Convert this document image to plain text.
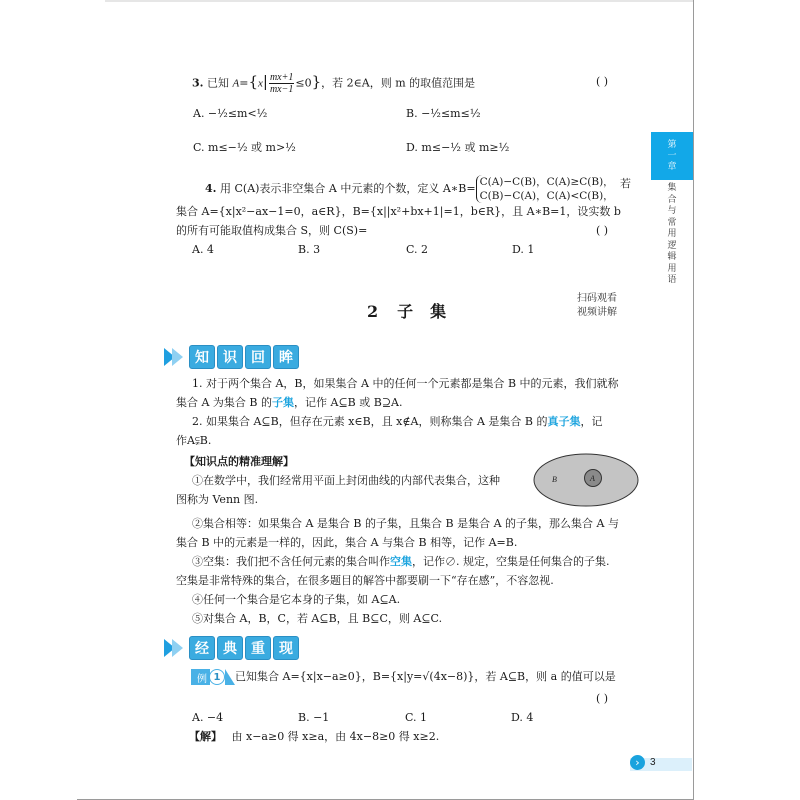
第
一
章
集合与常用逻辑用语
3. 已知 $A=\{x| \frac{mx+1}{mx-1} \le 0\}$，若 2∈A，则 m 的取值范围是	( )
A. −½≤m<½	B. −½≤m≤½
C. m≤−½ 或 m>½	D. m≤−½ 或 m≥½
4. 用 C(A)表示非空集合 A 中元素的个数，定义 A∗B= C(A)−C(B)，C(A)≥C(B)，
C(B)−C(A)，C(A)<C(B)，
若
集合 A={x|x²−ax−1=0，a∈R}，B={x||x²+bx+1|=1，b∈R}，且 A∗B=1，设实数 b
的所有可能取值构成集合 S，则 C(S)=	( )
A. 4	B. 3	C. 2	D. 1
2 子 集
扫码观看
视频讲解
知	识	回	眸
1. 对于两个集合 A，B，如果集合 A 中的任何一个元素都是集合 B 中的元素，我们就称
集合 A 为集合 B 的子集，记作 A⊆B 或 B⊇A.
2. 如果集合 A⊆B，但存在元素 x∈B，且 x∉A，则称集合 A 是集合 B 的真子集，记
作A⫋B.
【知识点的精准理解】
①在数学中，我们经常用平面上封闭曲线的内部代表集合，这种
图称为 Venn 图.
B	A
②集合相等：如果集合 A 是集合 B 的子集，且集合 B 是集合 A 的子集，那么集合 A 与
集合 B 中的元素是一样的，因此，集合 A 与集合 B 相等，记作 A=B.
③空集：我们把不含任何元素的集合叫作空集，记作∅. 规定，空集是任何集合的子集.
空集是非常特殊的集合，在很多题目的解答中都要刷一下“存在感”，不容忽视.
④任何一个集合是它本身的子集，如 A⊆A.
⑤对集合 A，B，C，若 A⊆B，且 B⊆C，则 A⊆C.
经	典	重	现
例 1	已知集合 A={x|x−a≥0}，B={x|y=√(4x−8)}，若 A⊆B，则 a 的值可以是
( )
A. −4	B. −1	C. 1	D. 4
【解】 由 x−a≥0 得 x≥a，由 4x−8≥0 得 x≥2.
›	3
